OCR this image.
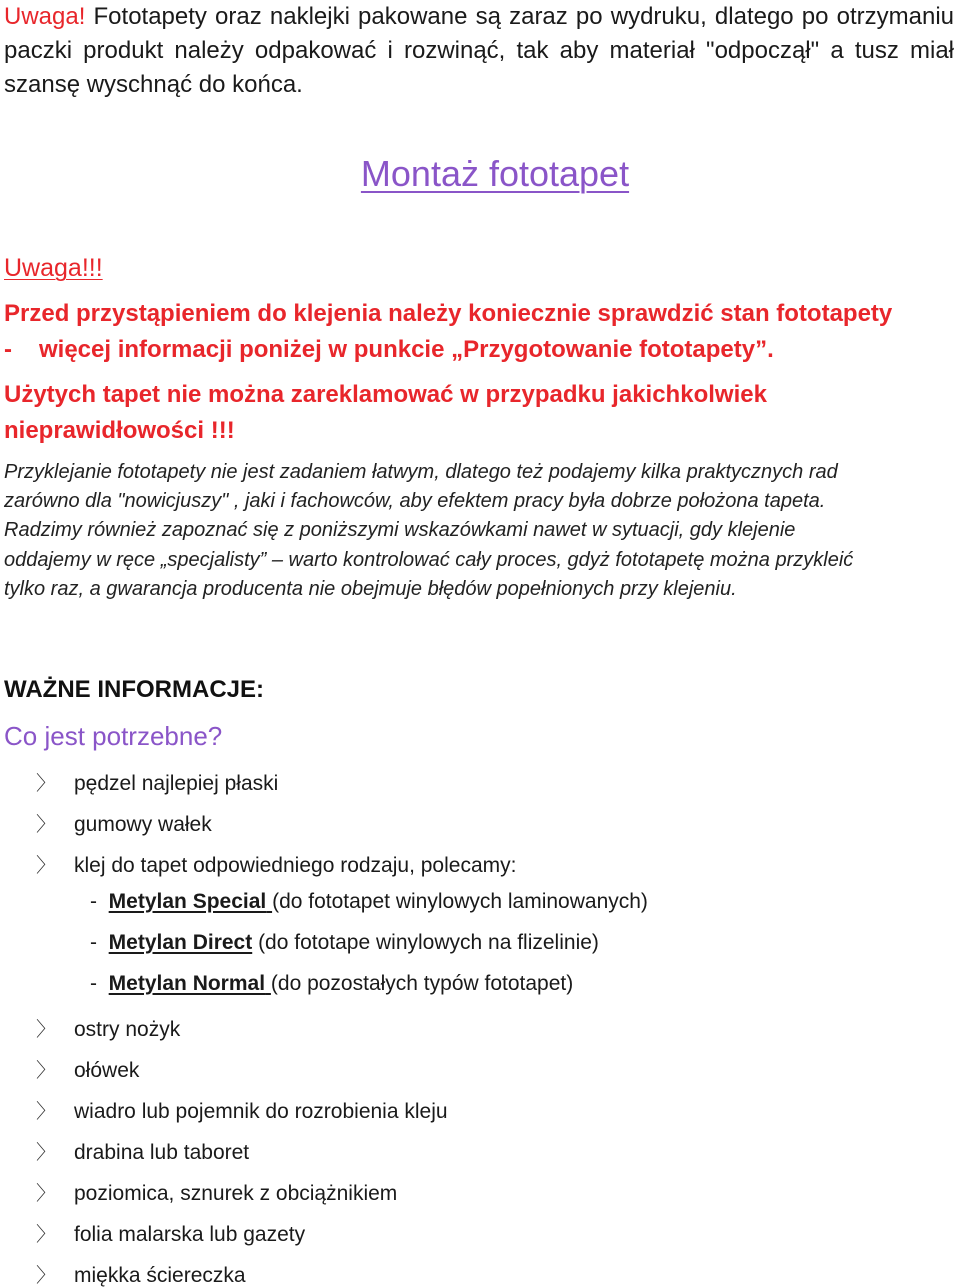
Uwaga! Fototapety oraz naklejki pakowane są zaraz po wydruku, dlatego po otrzymaniu paczki produkt należy odpakować i rozwinąć, tak aby materiał "odpoczął" a tusz miał szansę wyschnąć do końca.
Montaż fototapet
Uwaga!!!
Przed przystąpieniem do klejenia należy koniecznie sprawdzić stan fototapety
- więcej informacji poniżej w punkcie „Przygotowanie fototapety”.
Użytych tapet nie można zareklamować w przypadku jakichkolwiek
nieprawidłowości !!!
Przyklejanie fototapety nie jest zadaniem łatwym, dlatego też podajemy kilka praktycznych rad
zarówno dla "nowicjuszy" , jaki i fachowców, aby efektem pracy była dobrze położona tapeta.
Radzimy również zapoznać się z poniższymi wskazówkami nawet w sytuacji, gdy klejenie
oddajemy w ręce „specjalisty” – warto kontrolować cały proces, gdyż fototapetę można przykleić
tylko raz, a gwarancja producenta nie obejmuje błędów popełnionych przy klejeniu.
WAŻNE INFORMACJE:
Co jest potrzebne?
〉 pędzel najlepiej płaski
〉 gumowy wałek
〉 klej do tapet odpowiedniego rodzaju, polecamy:
- Metylan Special (do fototapet winylowych laminowanych)
- Metylan Direct (do fototape winylowych na flizelinie)
- Metylan Normal (do pozostałych typów fototapet)
〉 ostry nożyk
〉 ołówek
〉 wiadro lub pojemnik do rozrobienia kleju
〉 drabina lub taboret
〉 poziomica, sznurek z obciążnikiem
〉 folia malarska lub gazety
〉 miękka ściereczka
